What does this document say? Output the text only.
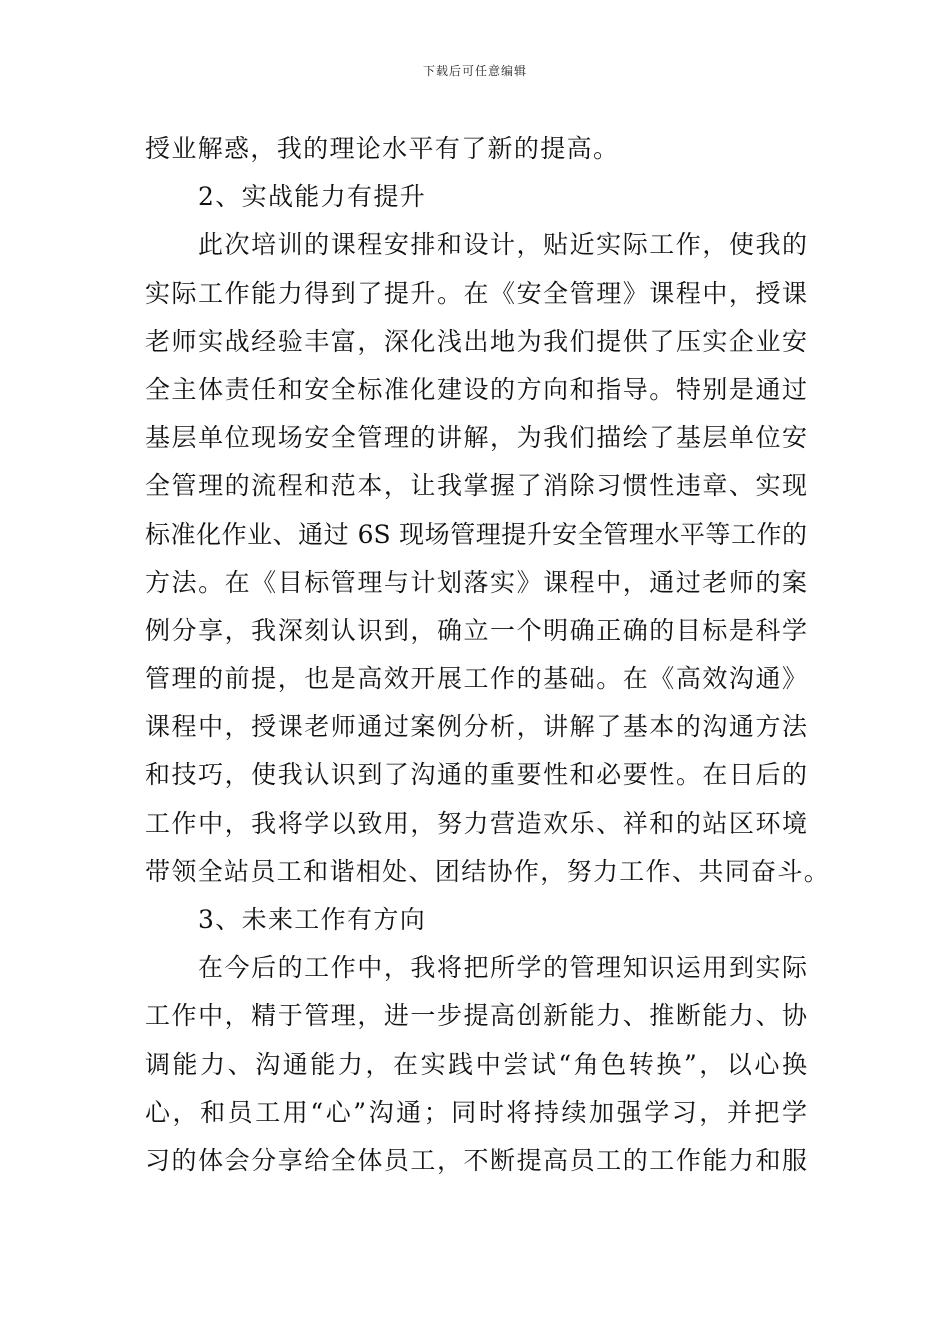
下载后可任意编辑
授业解惑，我的理论水平有了新的提高。
2、实战能力有提升
此次培训的课程安排和设计，贴近实际工作，使我的
实际工作能力得到了提升。在《安全管理》课程中，授课
老师实战经验丰富，深化浅出地为我们提供了压实企业安
全主体责任和安全标准化建设的方向和指导。特别是通过
基层单位现场安全管理的讲解，为我们描绘了基层单位安
全管理的流程和范本，让我掌握了消除习惯性违章、实现
标准化作业、通过 6S 现场管理提升安全管理水平等工作的
方法。在《目标管理与计划落实》课程中，通过老师的案
例分享，我深刻认识到，确立一个明确正确的目标是科学
管理的前提，也是高效开展工作的基础。在《高效沟通》
课程中，授课老师通过案例分析，讲解了基本的沟通方法
和技巧，使我认识到了沟通的重要性和必要性。在日后的
工作中，我将学以致用，努力营造欢乐、祥和的站区环境
带领全站员工和谐相处、团结协作，努力工作、共同奋斗。
3、未来工作有方向
在今后的工作中，我将把所学的管理知识运用到实际
工作中，精于管理，进一步提高创新能力、推断能力、协
调能力、沟通能力，在实践中尝试“角色转换”，以心换
心，和员工用“心”沟通；同时将持续加强学习，并把学
习的体会分享给全体员工，不断提高员工的工作能力和服
